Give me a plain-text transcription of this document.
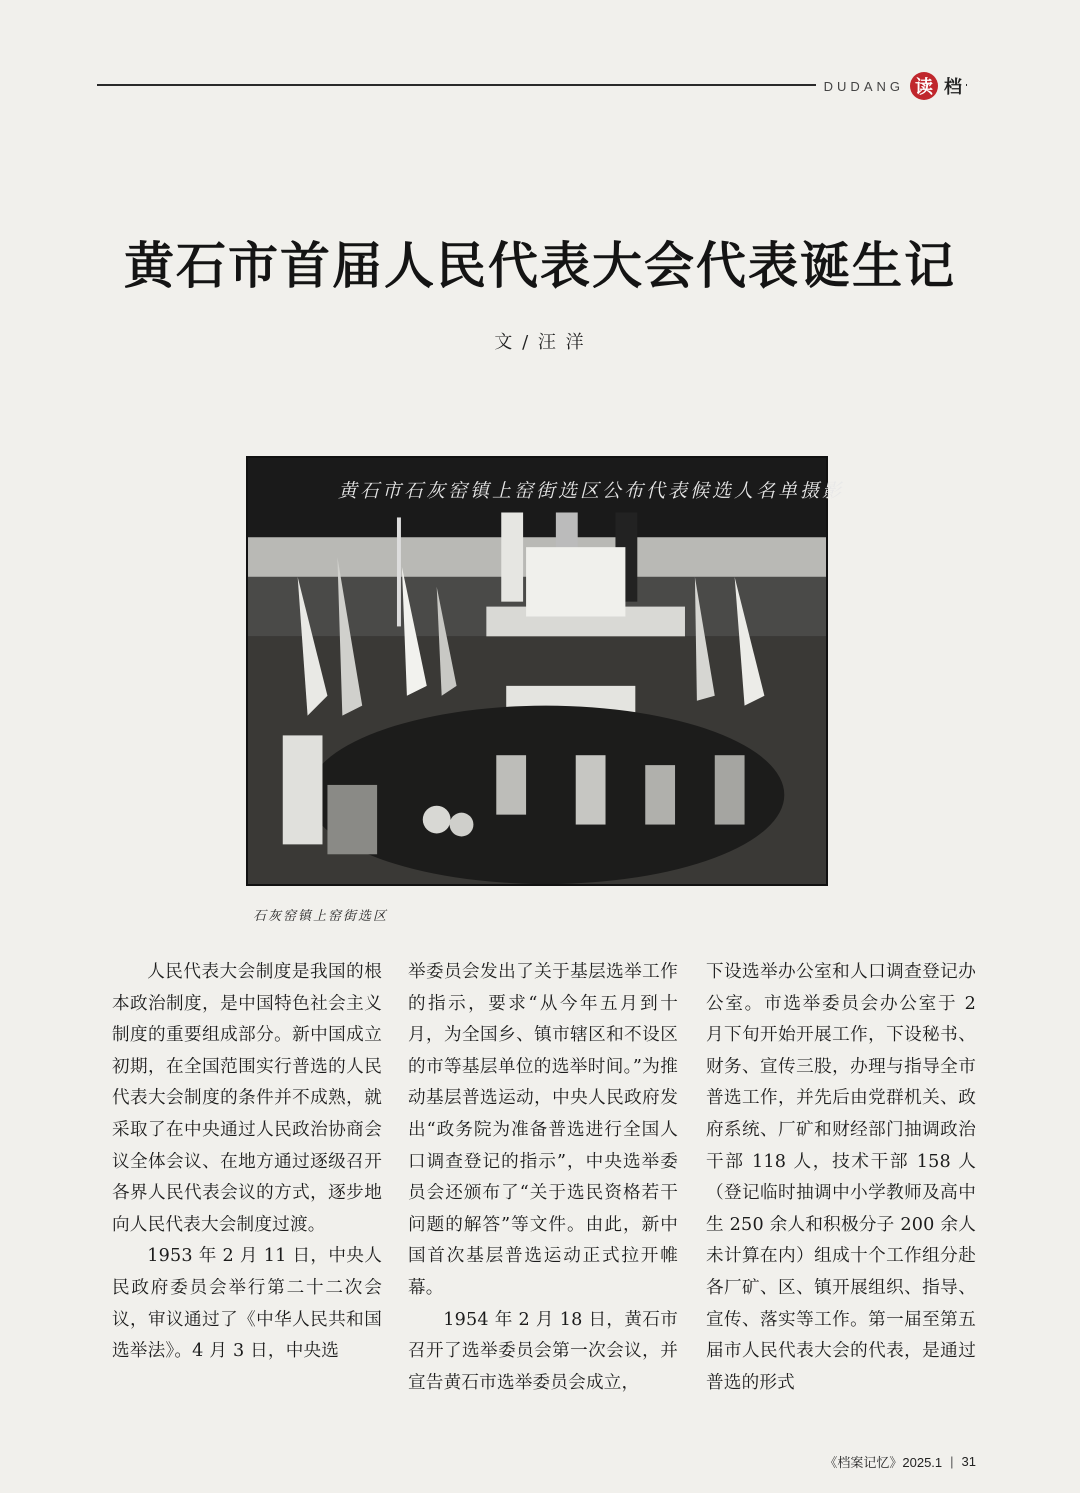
DUDANG 读 档
黄石市首届人民代表大会代表诞生记
文 / 汪 洋
黄石市石灰窑镇上窑街选区公布代表候选人名单摄影
石灰窑镇上窑街选区

人民代表大会制度是我国的根本政治制度，是中国特色社会主义制度的重要组成部分。新中国成立初期，在全国范围实行普选的人民代表大会制度的条件并不成熟，就采取了在中央通过人民政治协商会议全体会议、在地方通过逐级召开各界人民代表会议的方式，逐步地向人民代表大会制度过渡。

1953 年 2 月 11 日，中央人民政府委员会举行第二十二次会议，审议通过了《中华人民共和国选举法》。4 月 3 日，中央选

举委员会发出了关于基层选举工作的指示，要求“从今年五月到十月，为全国乡、镇市辖区和不设区的市等基层单位的选举时间。”为推动基层普选运动，中央人民政府发出“政务院为准备普选进行全国人口调查登记的指示”，中央选举委员会还颁布了“关于选民资格若干问题的解答”等文件。由此，新中国首次基层普选运动正式拉开帷幕。

1954 年 2 月 18 日，黄石市召开了选举委员会第一次会议，并宣告黄石市选举委员会成立，

下设选举办公室和人口调查登记办公室。市选举委员会办公室于 2 月下旬开始开展工作，下设秘书、财务、宣传三股，办理与指导全市普选工作，并先后由党群机关、政府系统、厂矿和财经部门抽调政治干部 118 人，技术干部 158 人（登记临时抽调中小学教师及高中生 250 余人和积极分子 200 余人未计算在内）组成十个工作组分赴各厂矿、区、镇开展组织、指导、宣传、落实等工作。第一届至第五届市人民代表大会的代表，是通过普选的形式

《档案记忆》2025.1 | 31
